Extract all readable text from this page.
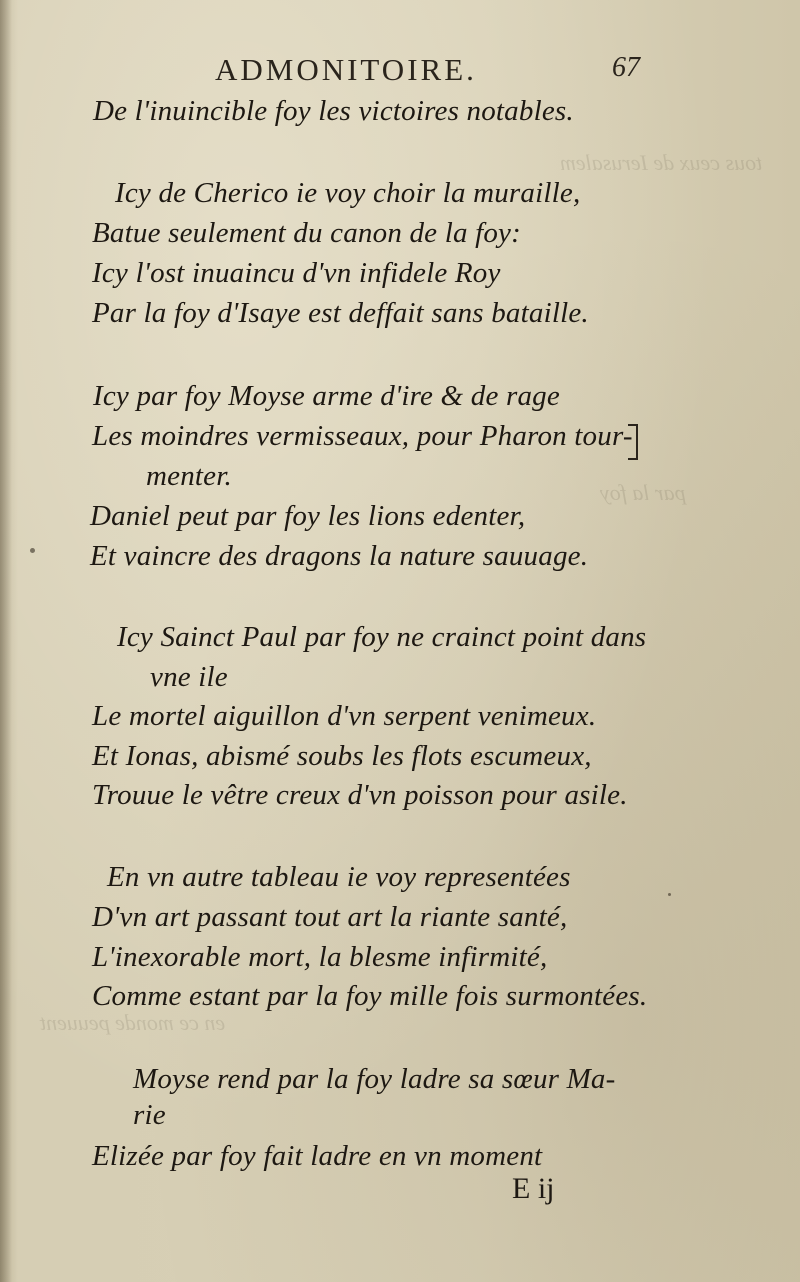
tous ceux de Ierusalem
par la foy
en ce monde peuuent
ADMONITOIRE.	67
De l'inuincible foy les victoires notables.
Icy de Cherico ie voy choir la muraille,
Batue seulement du canon de la foy:
Icy l'ost inuaincu d'vn infidele Roy
Par la foy d'Isaye est deffait sans bataille.
Icy par foy Moyse arme d'ire & de rage
Les moindres vermisseaux, pour Pharon tour-
menter.
Daniel peut par foy les lions edenter,
Et vaincre des dragons la nature sauuage.
Icy Sainct Paul par foy ne crainct point dans
vne ile
Le mortel aiguillon d'vn serpent venimeux.
Et Ionas, abismé soubs les flots escumeux,
Trouue le vêtre creux d'vn poisson pour asile.
En vn autre tableau ie voy representées
D'vn art passant tout art la riante santé,
L'inexorable mort, la blesme infirmité,
Comme estant par la foy mille fois surmontées.
Moyse rend par la foy ladre sa sœur Ma-
rie
Elizée par foy fait ladre en vn moment
E ij
